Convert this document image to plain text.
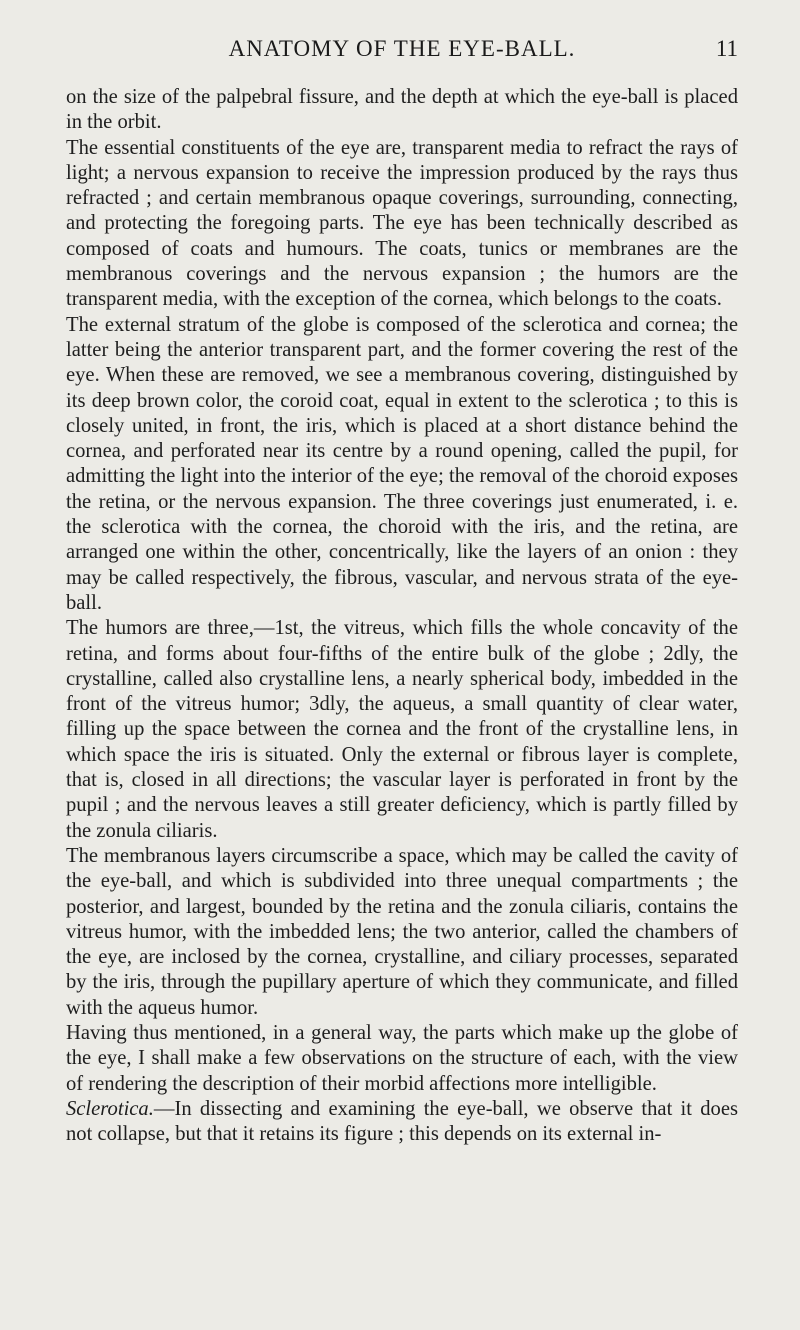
ANATOMY OF THE EYE-BALL.	11

on the size of the palpebral fissure, and the depth at which the eye-ball is placed in the orbit.

The essential constituents of the eye are, transparent media to refract the rays of light; a nervous expansion to receive the impression produced by the rays thus refracted ; and certain membranous opaque coverings, surrounding, connecting, and protecting the foregoing parts. The eye has been technically described as composed of coats and humours. The coats, tunics or membranes are the membranous coverings and the nervous expansion ; the humors are the transparent media, with the exception of the cornea, which belongs to the coats.

The external stratum of the globe is composed of the sclerotica and cornea; the latter being the anterior transparent part, and the former covering the rest of the eye. When these are removed, we see a membranous covering, distinguished by its deep brown color, the coroid coat, equal in extent to the sclerotica ; to this is closely united, in front, the iris, which is placed at a short distance behind the cornea, and perforated near its centre by a round opening, called the pupil, for admitting the light into the interior of the eye; the removal of the choroid exposes the retina, or the nervous expansion. The three coverings just enumerated, i. e. the sclerotica with the cornea, the choroid with the iris, and the retina, are arranged one within the other, concentrically, like the layers of an onion : they may be called respectively, the fibrous, vascular, and nervous strata of the eye-ball.

The humors are three,—1st, the vitreus, which fills the whole concavity of the retina, and forms about four-fifths of the entire bulk of the globe ; 2dly, the crystalline, called also crystalline lens, a nearly spherical body, imbedded in the front of the vitreus humor; 3dly, the aqueus, a small quantity of clear water, filling up the space between the cornea and the front of the crystalline lens, in which space the iris is situated. Only the external or fibrous layer is complete, that is, closed in all directions; the vascular layer is perforated in front by the pupil ; and the nervous leaves a still greater deficiency, which is partly filled by the zonula ciliaris.

The membranous layers circumscribe a space, which may be called the cavity of the eye-ball, and which is subdivided into three unequal compartments ; the posterior, and largest, bounded by the retina and the zonula ciliaris, contains the vitreus humor, with the imbedded lens; the two anterior, called the chambers of the eye, are inclosed by the cornea, crystalline, and ciliary processes, separated by the iris, through the pupillary aperture of which they communicate, and filled with the aqueus humor.

Having thus mentioned, in a general way, the parts which make up the globe of the eye, I shall make a few observations on the structure of each, with the view of rendering the description of their morbid affections more intelligible.

Sclerotica.—In dissecting and examining the eye-ball, we observe that it does not collapse, but that it retains its figure ; this depends on its external in-
